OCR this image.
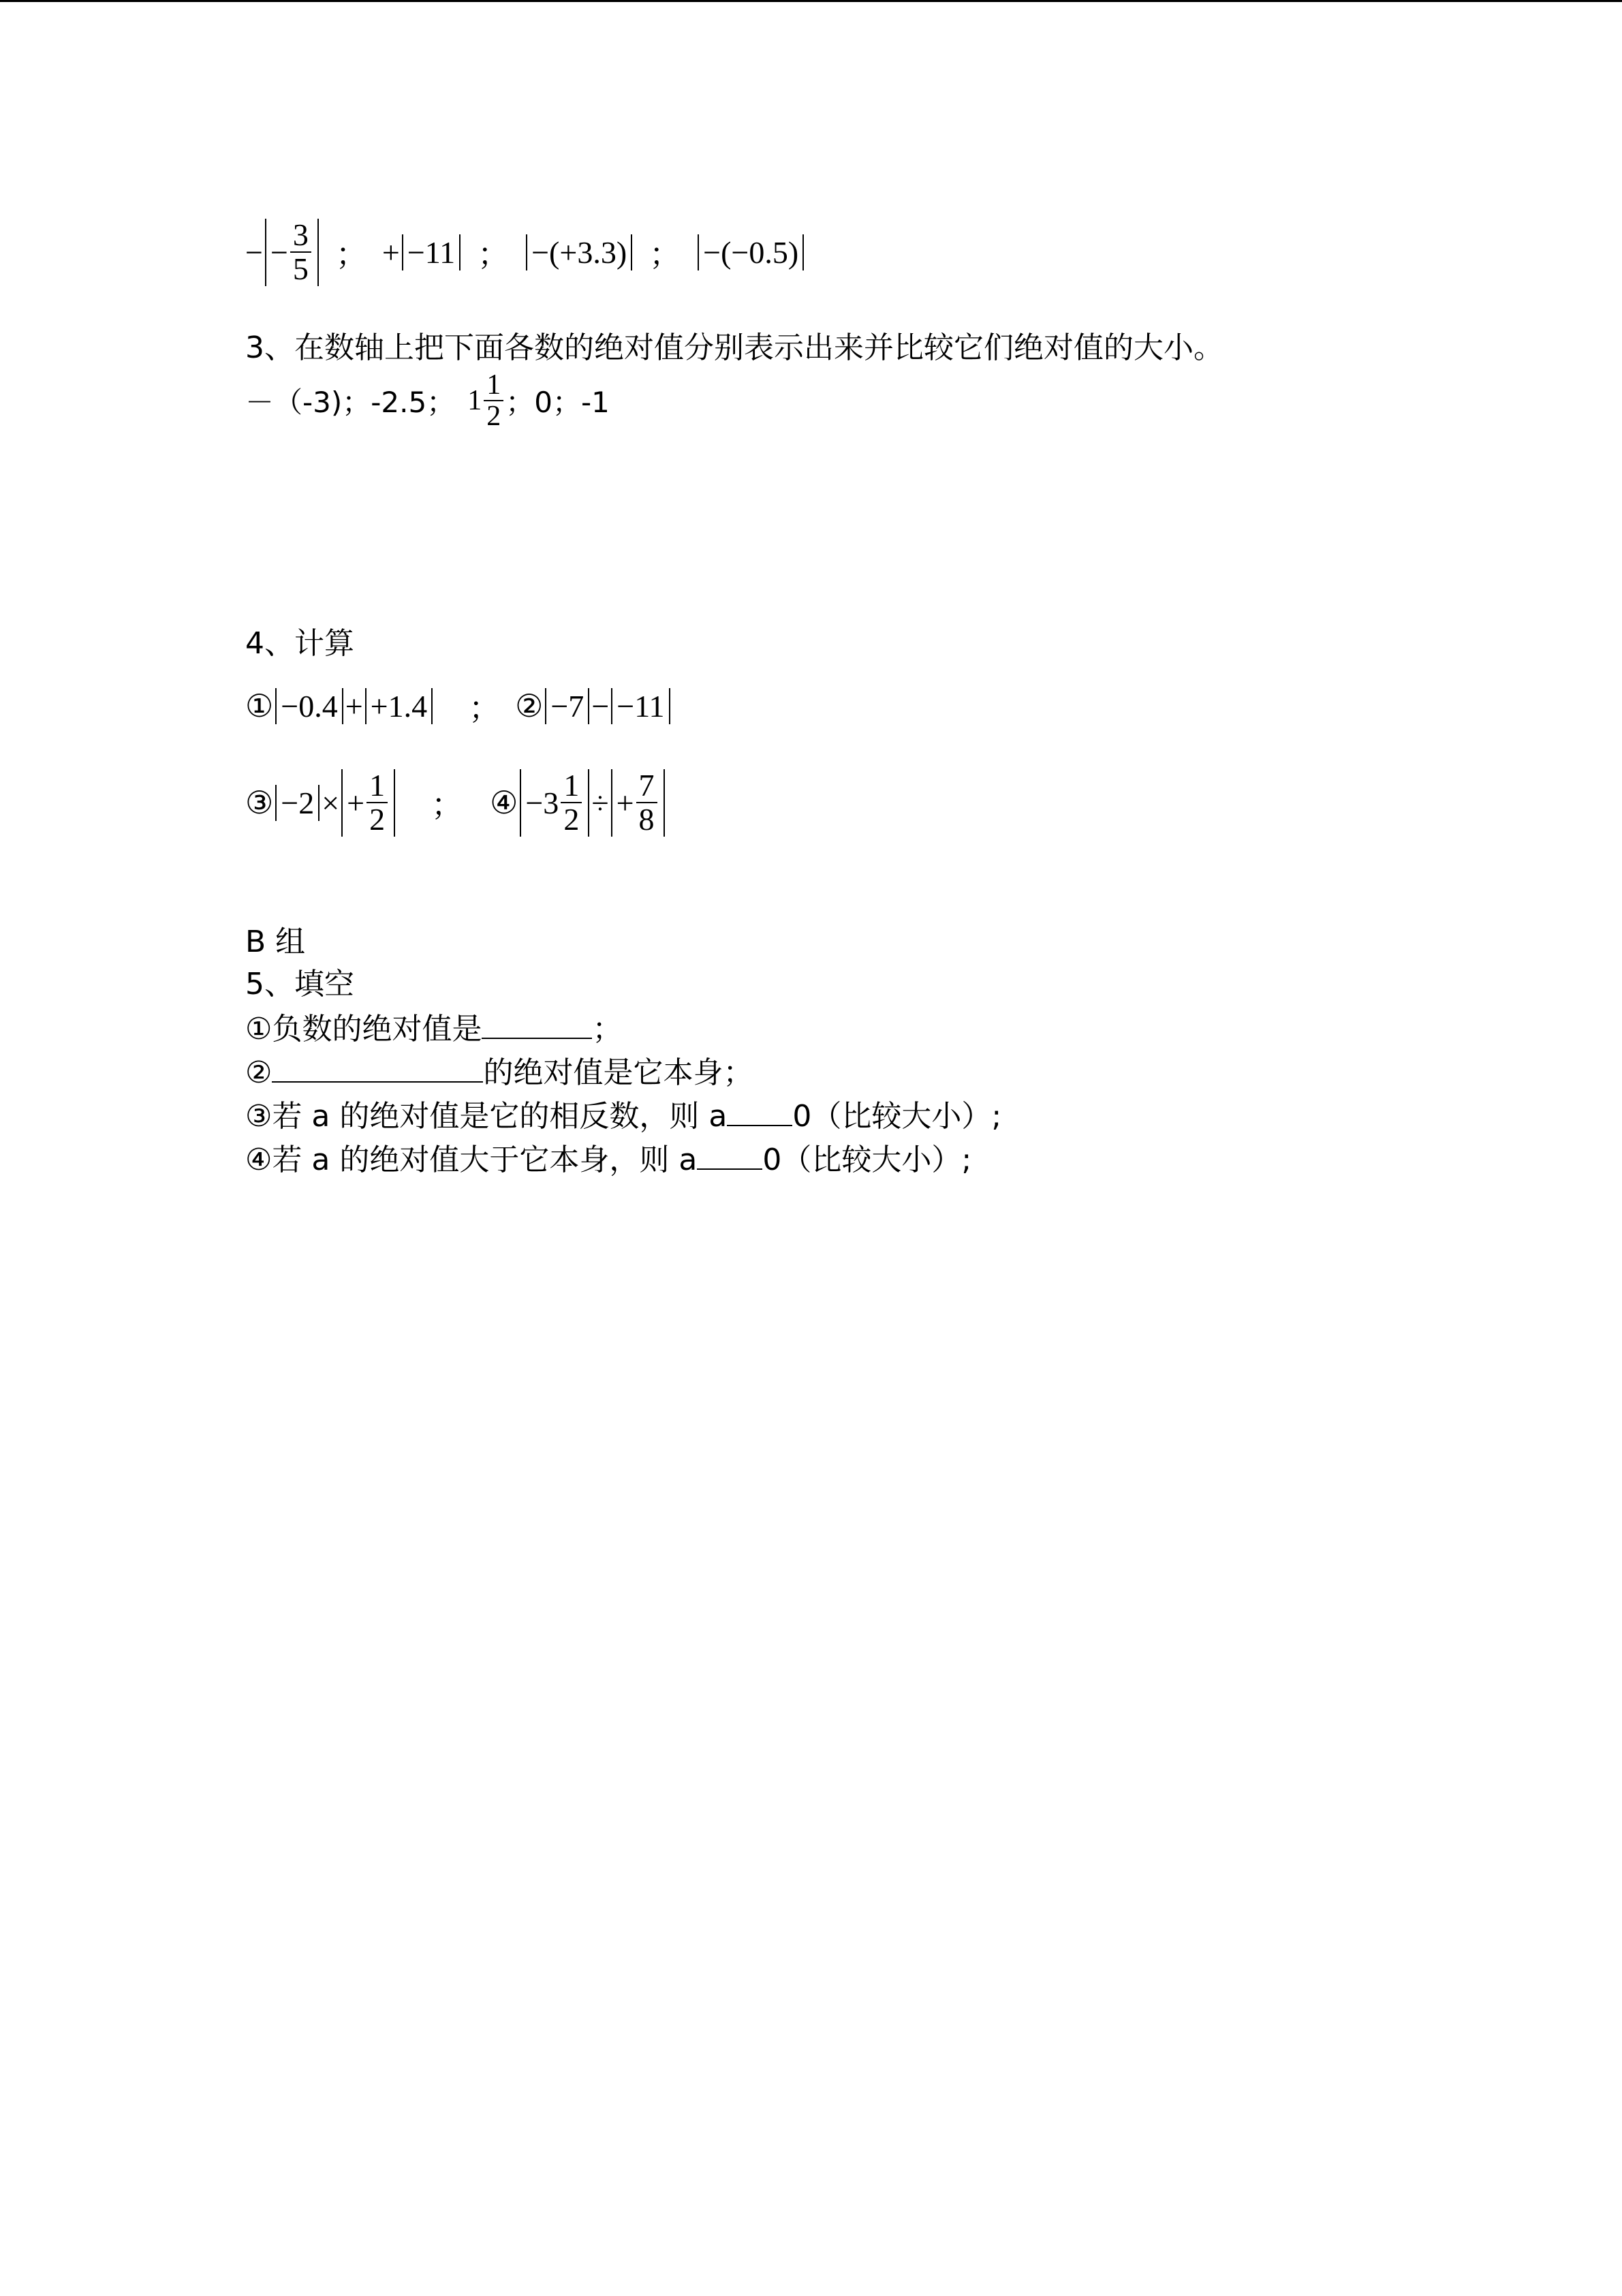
− − $\frac{3}{5}$ ； + −11 ； −(+3.3) ； −(−0.5)
3、在数轴上把下面各数的绝对值分别表示出来并比较它们绝对值的大小。
－（-3)；-2.5； $1 \frac{1}{2}$ ；0；-1
4、计算
① −0.4 + +1.4 ； ② −7 − −11
③ −2 × + $\frac{1}{2}$ ； ④ $-3 \frac{1}{2}$ ÷ + $\frac{7}{8}$
B 组
5、填空
①负数的绝对值是	；
②	的绝对值是它本身；
③若 a 的绝对值是它的相反数，则 a 0（比较大小）;
④若 a 的绝对值大于它本身，则 a 0（比较大小）;
